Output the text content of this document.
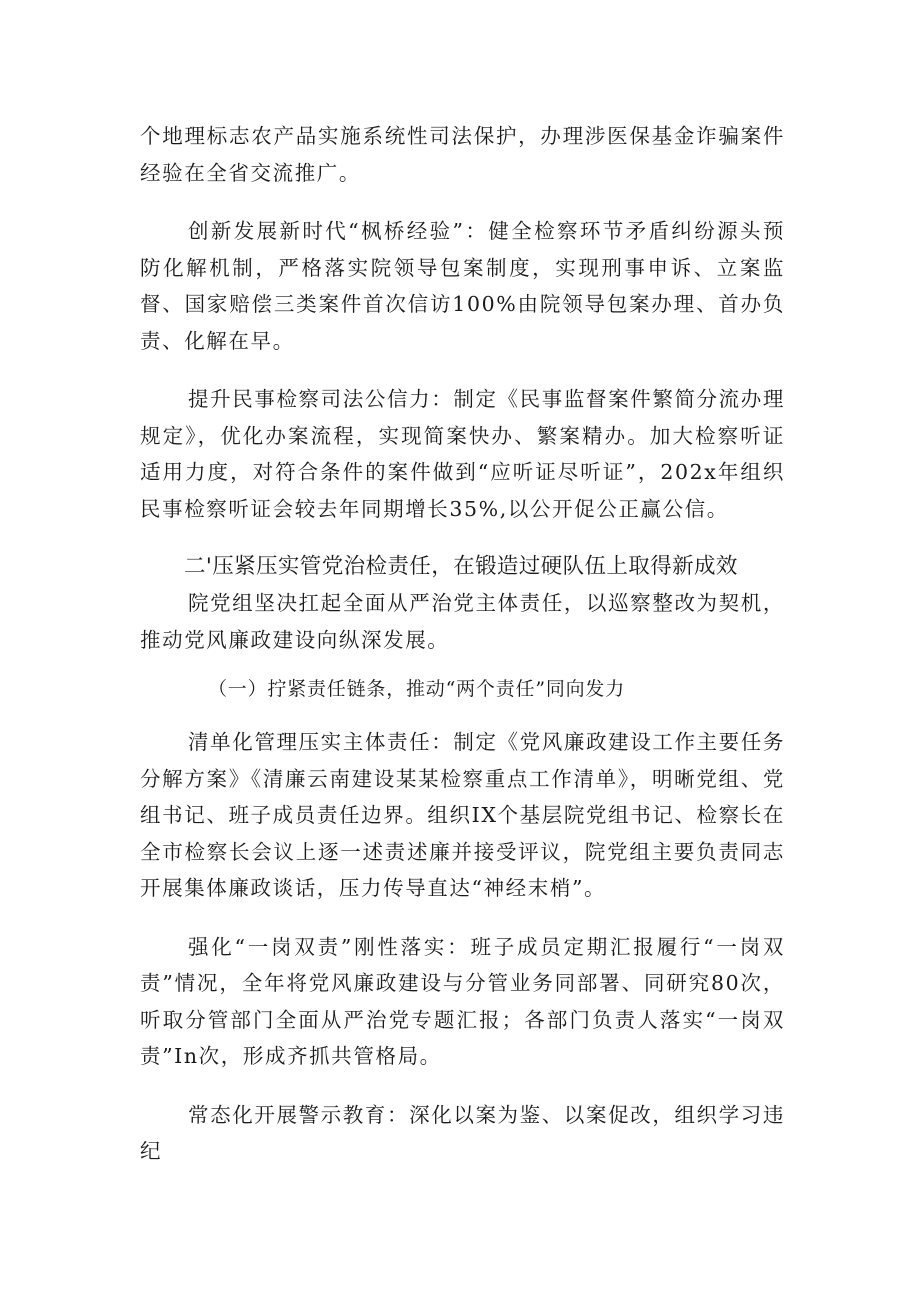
个地理标志农产品实施系统性司法保护，办理涉医保基金诈骗案件经验在全省交流推广。

创新发展新时代“枫桥经验”：健全检察环节矛盾纠纷源头预防化解机制，严格落实院领导包案制度，实现刑事申诉、立案监督、国家赔偿三类案件首次信访100%由院领导包案办理、首办负责、化解在早。

提升民事检察司法公信力：制定《民事监督案件繁简分流办理规定》，优化办案流程，实现简案快办、繁案精办。加大检察听证适用力度，对符合条件的案件做到“应听证尽听证”，202x年组织民事检察听证会较去年同期增长35%,以公开促公正赢公信。

二'压紧压实管党治检责任，在锻造过硬队伍上取得新成效

院党组坚决扛起全面从严治党主体责任，以巡察整改为契机，推动党风廉政建设向纵深发展。

（一）拧紧责任链条，推动“两个责任”同向发力

清单化管理压实主体责任：制定《党风廉政建设工作主要任务分解方案》《清廉云南建设某某检察重点工作清单》，明晰党组、党组书记、班子成员责任边界。组织IX个基层院党组书记、检察长在全市检察长会议上逐一述责述廉并接受评议，院党组主要负责同志开展集体廉政谈话，压力传导直达“神经末梢”。

强化“一岗双责”刚性落实：班子成员定期汇报履行“一岗双责”情况，全年将党风廉政建设与分管业务同部署、同研究80次，听取分管部门全面从严治党专题汇报；各部门负责人落实“一岗双责”In次，形成齐抓共管格局。

常态化开展警示教育：深化以案为鉴、以案促改，组织学习违纪
